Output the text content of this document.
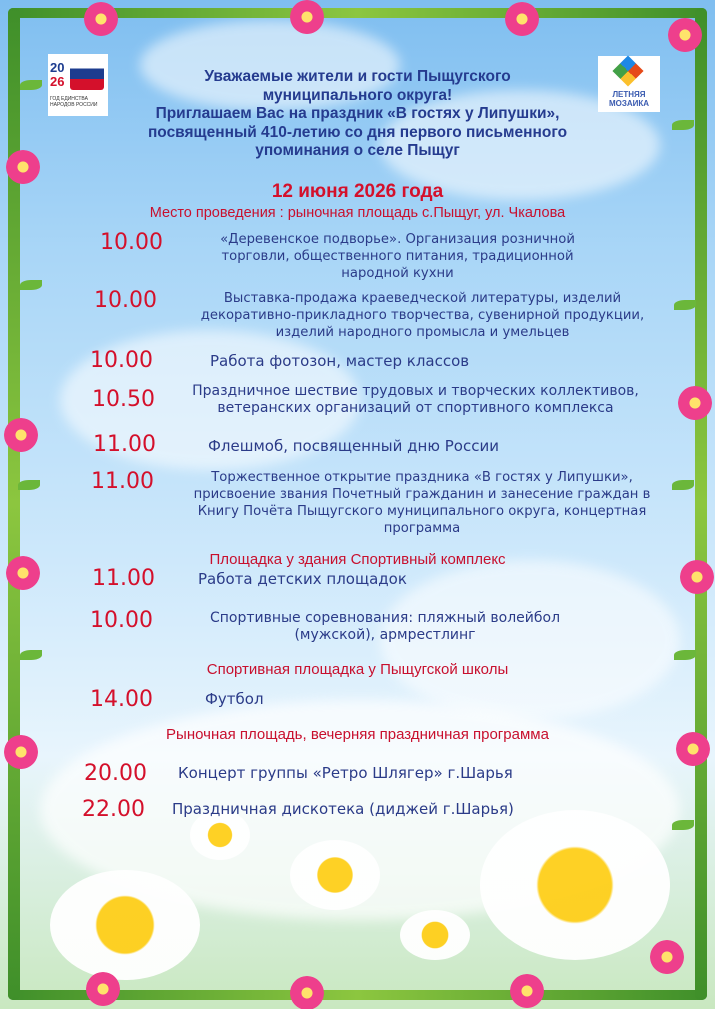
20
26
ГОД ЕДИНСТВА
НАРОДОВ РОССИИ
ЛЕТНЯЯ
МОЗАИКА
Уважаемые жители и гости Пыщугского
муниципального округа!
Приглашаем Вас на праздник «В гостях у Липушки»,
посвященный 410-летию со дня первого письменного
упоминания о селе Пыщуг
12 июня 2026 года
Место проведения : рыночная площадь с.Пыщуг, ул. Чкалова
10.00	«Деревенское подворье». Организация розничной
торговли, общественного питания, традиционной
народной кухни
10.00	Выставка-продажа краеведческой литературы, изделий
декоративно-прикладного творчества, сувенирной продукции,
изделий народного промысла и умельцев
10.00	Работа фотозон, мастер классов
10.50	Праздничное шествие трудовых и творческих коллективов,
ветеранских организаций от спортивного комплекса
11.00	Флешмоб, посвященный дню России
11.00	Торжественное открытие праздника «В гостях у Липушки»,
присвоение звания Почетный гражданин и занесение граждан в
Книгу Почёта Пыщугского муниципального округа, концертная
программа
Площадка у здания Спортивный комплекс
11.00	Работа детских площадок
10.00	Спортивные соревнования: пляжный волейбол
(мужской), армрестлинг
Спортивная площадка у Пыщугской школы
14.00	Футбол
Рыночная площадь, вечерняя праздничная программа
20.00 Концерт группы «Ретро Шлягер» г.Шарья
22.00 Праздничная дискотека (диджей г.Шарья)
